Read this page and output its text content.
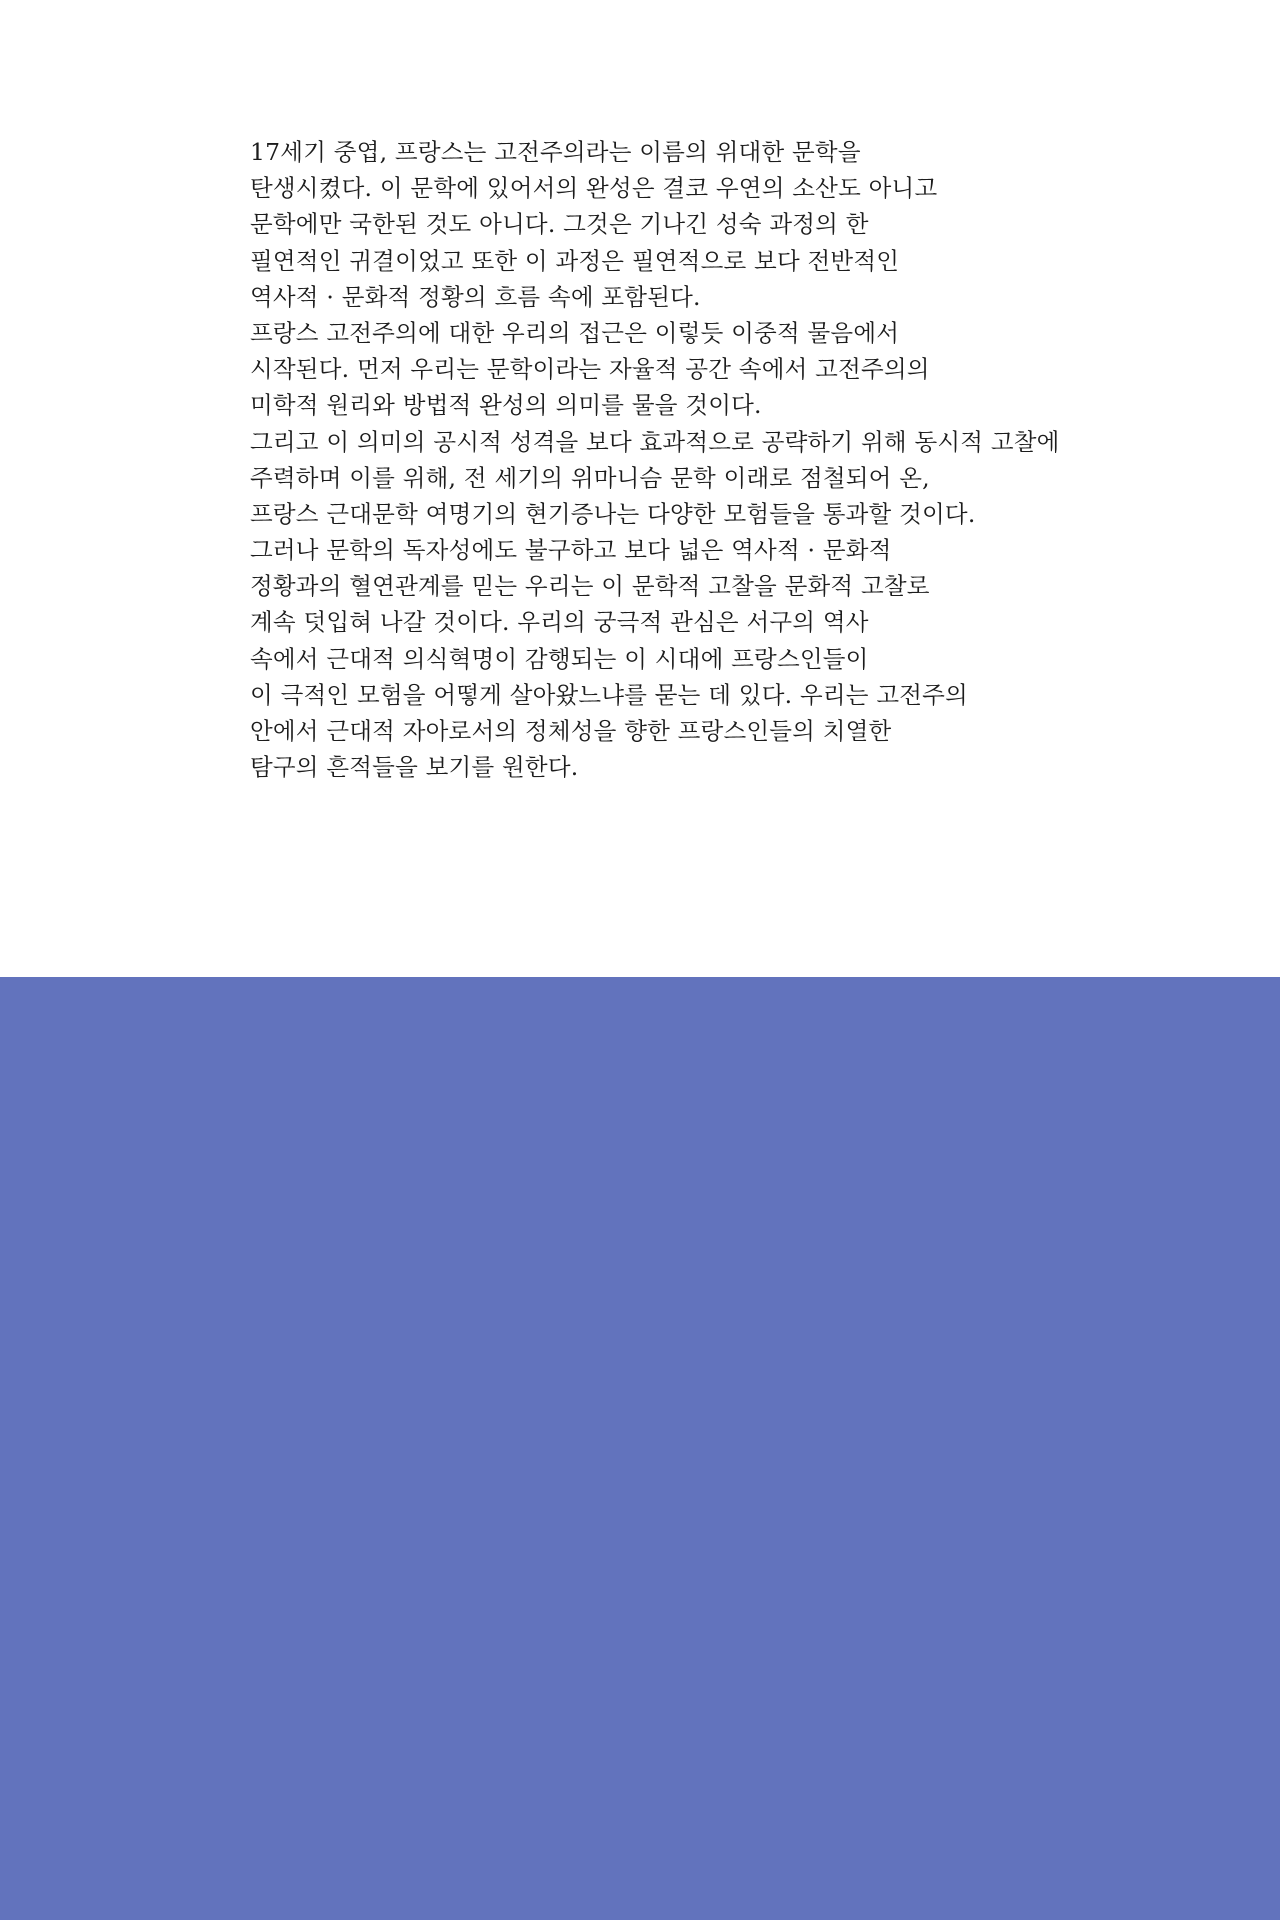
17세기 중엽, 프랑스는 고전주의라는 이름의 위대한 문학을
탄생시켰다. 이 문학에 있어서의 완성은 결코 우연의 소산도 아니고
문학에만 국한된 것도 아니다. 그것은 기나긴 성숙 과정의 한
필연적인 귀결이었고 또한 이 과정은 필연적으로 보다 전반적인
역사적 · 문화적 정황의 흐름 속에 포함된다.
프랑스 고전주의에 대한 우리의 접근은 이렇듯 이중적 물음에서
시작된다. 먼저 우리는 문학이라는 자율적 공간 속에서 고전주의의
미학적 원리와 방법적 완성의 의미를 물을 것이다.
그리고 이 의미의 공시적 성격을 보다 효과적으로 공략하기 위해 동시적 고찰에
주력하며 이를 위해, 전 세기의 위마니슴 문학 이래로 점철되어 온,
프랑스 근대문학 여명기의 현기증나는 다양한 모험들을 통과할 것이다.
그러나 문학의 독자성에도 불구하고 보다 넓은 역사적 · 문화적
정황과의 혈연관계를 믿는 우리는 이 문학적 고찰을 문화적 고찰로
계속 덧입혀 나갈 것이다. 우리의 궁극적 관심은 서구의 역사
속에서 근대적 의식혁명이 감행되는 이 시대에 프랑스인들이
이 극적인 모험을 어떻게 살아왔느냐를 묻는 데 있다. 우리는 고전주의
안에서 근대적 자아로서의 정체성을 향한 프랑스인들의 치열한
탐구의 흔적들을 보기를 원한다.
